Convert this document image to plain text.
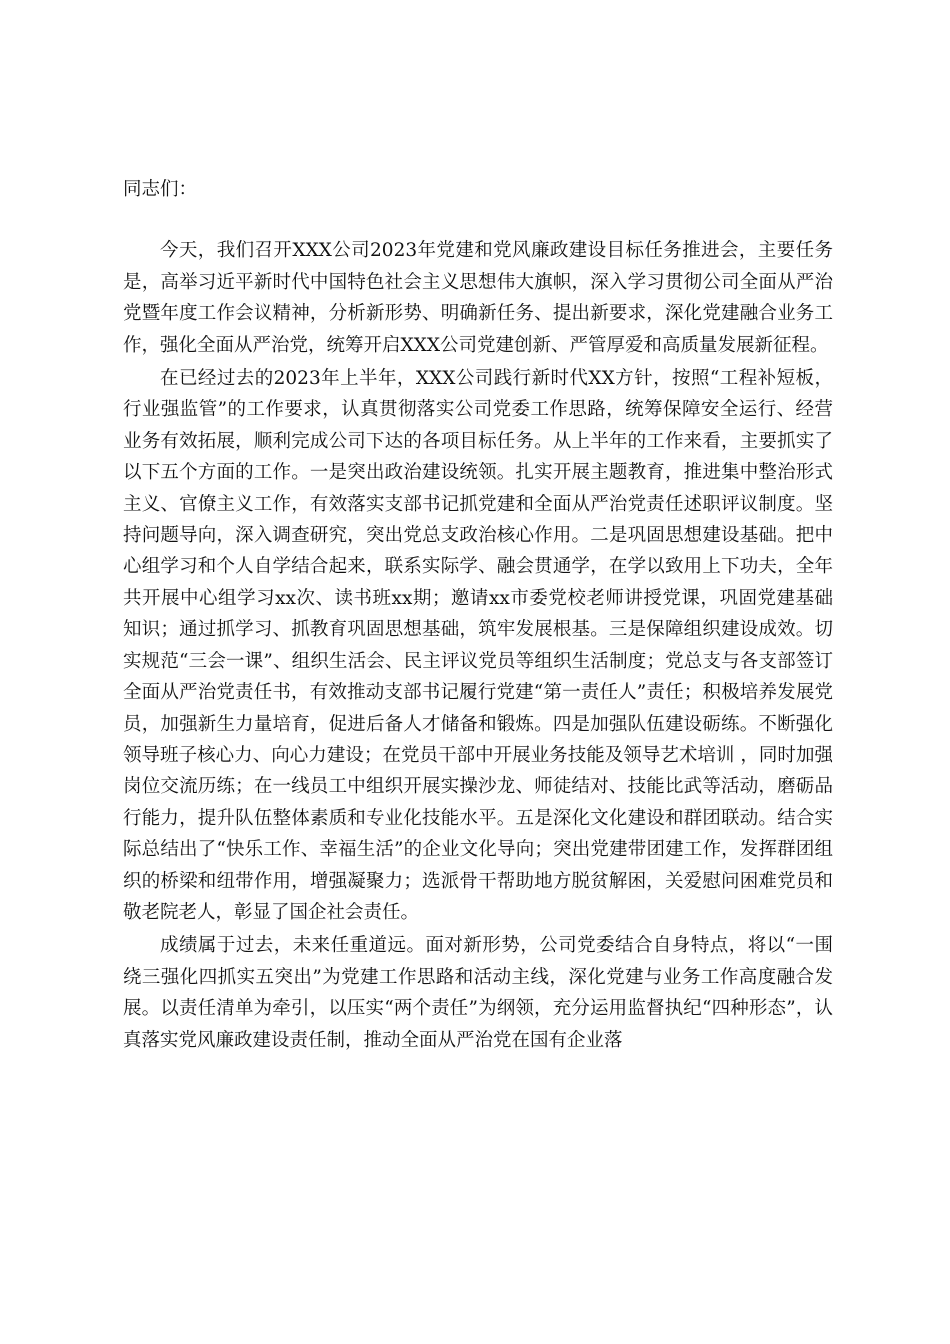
同志们：

今天，我们召开XXX公司2023年党建和党风廉政建设目标任务推进会，主要任务是，高举习近平新时代中国特色社会主义思想伟大旗帜，深入学习贯彻公司全面从严治党暨年度工作会议精神，分析新形势、明确新任务、提出新要求，深化党建融合业务工作，强化全面从严治党，统筹开启XXX公司党建创新、严管厚爱和高质量发展新征程。

在已经过去的2023年上半年，XXX公司践行新时代XX方针，按照“工程补短板，行业强监管”的工作要求，认真贯彻落实公司党委工作思路，统筹保障安全运行、经营业务有效拓展，顺利完成公司下达的各项目标任务。从上半年的工作来看，主要抓实了以下五个方面的工作。一是突出政治建设统领。扎实开展主题教育，推进集中整治形式主义、官僚主义工作，有效落实支部书记抓党建和全面从严治党责任述职评议制度。坚持问题导向，深入调查研究，突出党总支政治核心作用。二是巩固思想建设基础。把中心组学习和个人自学结合起来，联系实际学、融会贯通学，在学以致用上下功夫，全年共开展中心组学习xx次、读书班xx期；邀请xx市委党校老师讲授党课，巩固党建基础知识；通过抓学习、抓教育巩固思想基础，筑牢发展根基。三是保障组织建设成效。切实规范“三会一课”、组织生活会、民主评议党员等组织生活制度；党总支与各支部签订全面从严治党责任书，有效推动支部书记履行党建“第一责任人”责任；积极培养发展党员，加强新生力量培育，促进后备人才储备和锻炼。四是加强队伍建设砺练。不断强化领导班子核心力、向心力建设；在党员干部中开展业务技能及领导艺术培训 ，同时加强岗位交流历练；在一线员工中组织开展实操沙龙、师徒结对、技能比武等活动，磨砺品行能力，提升队伍整体素质和专业化技能水平。五是深化文化建设和群团联动。结合实际总结出了“快乐工作、幸福生活”的企业文化导向；突出党建带团建工作，发挥群团组织的桥梁和纽带作用，增强凝聚力；选派骨干帮助地方脱贫解困，关爱慰问困难党员和敬老院老人，彰显了国企社会责任。

成绩属于过去，未来任重道远。面对新形势，公司党委结合自身特点，将以“一围绕三强化四抓实五突出”为党建工作思路和活动主线，深化党建与业务工作高度融合发展。以责任清单为牵引，以压实“两个责任”为纲领，充分运用监督执纪“四种形态”，认真落实党风廉政建设责任制，推动全面从严治党在国有企业落
